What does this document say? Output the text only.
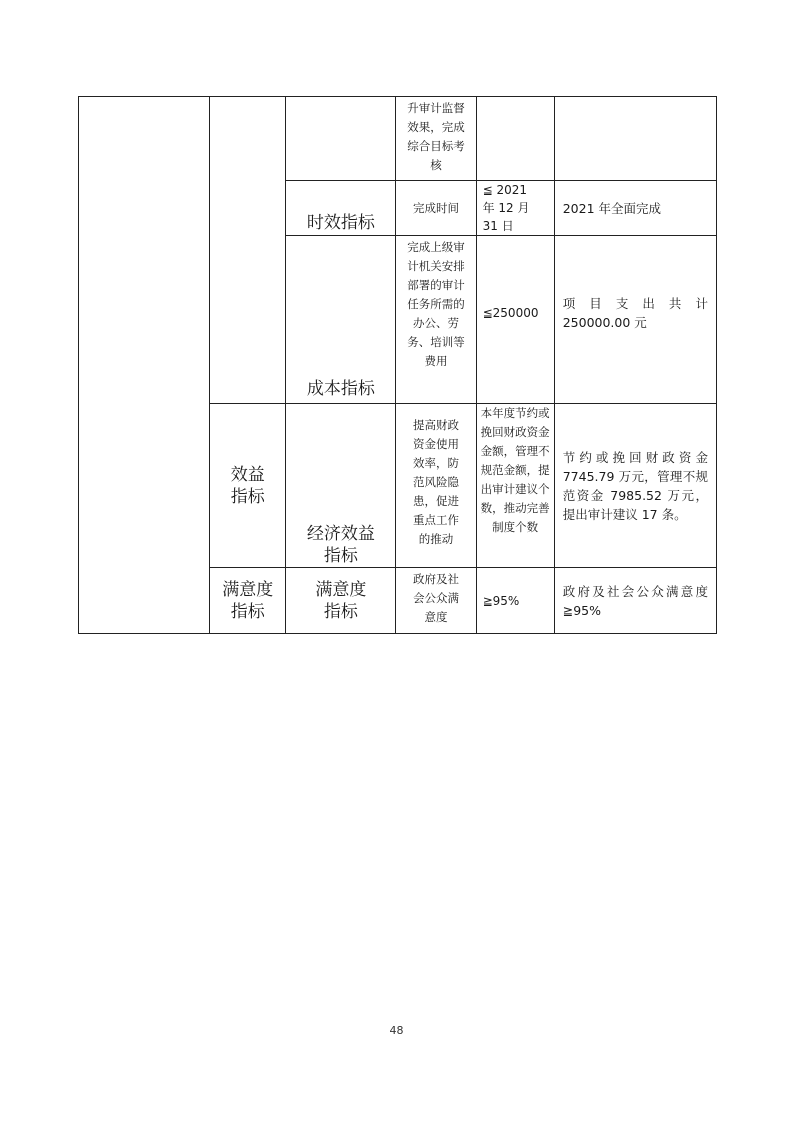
			升审计监督效果，完成综合目标考核		

		时效指标	完成时间	≦ 2021　年 12 月 31 日	2021 年全面完成

		成本指标	完成上级审计机关安排部署的审计任务所需的办公、劳务、培训等费用	≦250000	项目支出共计 250000.00 元

	效益指标	经济效益指标	提高财政资金使用效率，防范风险隐患，促进重点工作的推动	本年度节约或挽回财政资金金额，管理不规范金额，提出审计建议个数，推动完善制度个数	节约或挽回财政资金 7745.79 万元，管理不规范资金 7985.52 万元，提出审计建议 17 条。

	满意度指标	满意度指标	政府及社会公众满意度	≧95%	政府及社会公众满意度≧95%
48
